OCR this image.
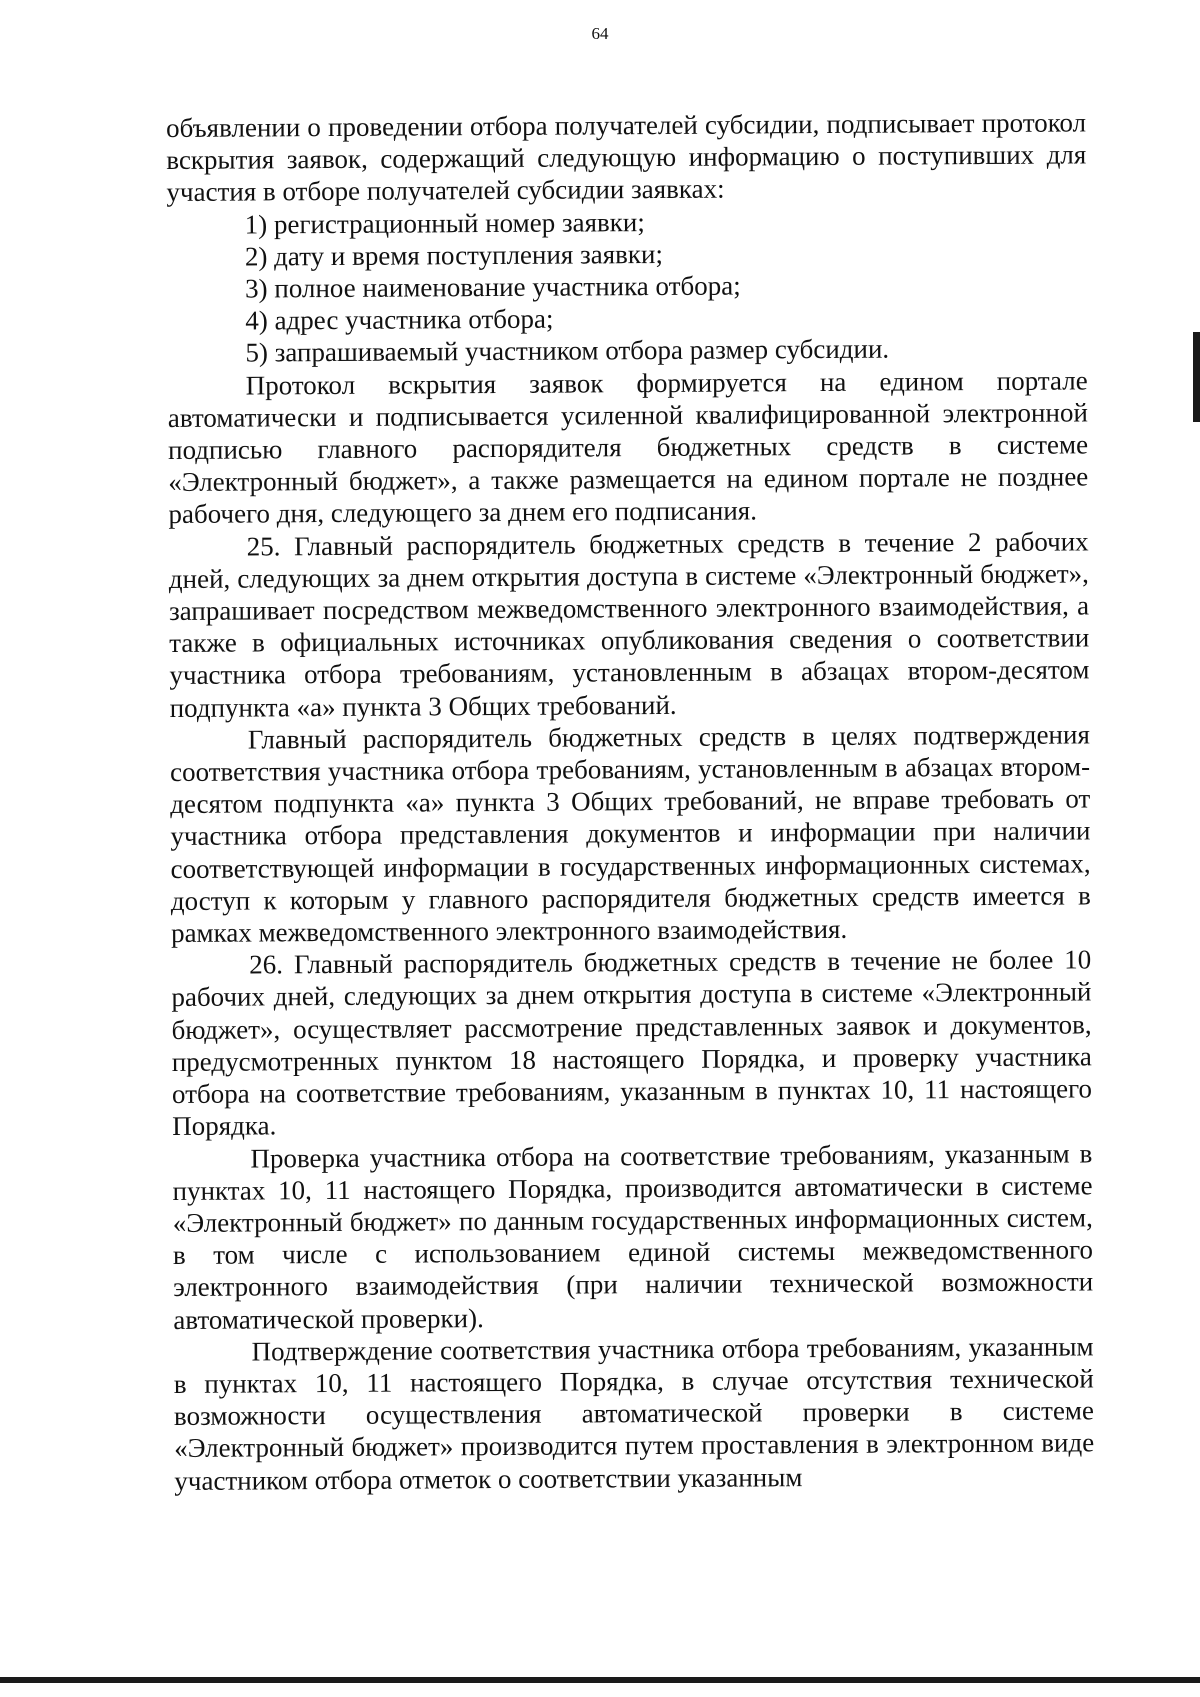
64

объявлении о проведении отбора получателей субсидии, подписывает протокол вскрытия заявок, содержащий следующую информацию о поступивших для участия в отборе получателей субсидии заявках:

1) регистрационный номер заявки;
2) дату и время поступления заявки;
3) полное наименование участника отбора;
4) адрес участника отбора;
5) запрашиваемый участником отбора размер субсидии.

Протокол вскрытия заявок формируется на едином портале автоматически и подписывается усиленной квалифицированной электронной подписью главного распорядителя бюджетных средств в системе «Электронный бюджет», а также размещается на едином портале не позднее рабочего дня, следующего за днем его подписания.

25. Главный распорядитель бюджетных средств в течение 2 рабочих дней, следующих за днем открытия доступа в системе «Электронный бюджет», запрашивает посредством межведомственного электронного взаимодействия, а также в официальных источниках опубликования сведения о соответствии участника отбора требованиям, установленным в абзацах втором-десятом подпункта «а» пункта 3 Общих требований.

Главный распорядитель бюджетных средств в целях подтверждения соответствия участника отбора требованиям, установленным в абзацах втором-десятом подпункта «а» пункта 3 Общих требований, не вправе требовать от участника отбора представления документов и информации при наличии соответствующей информации в государственных информационных системах, доступ к которым у главного распорядителя бюджетных средств имеется в рамках межведомственного электронного взаимодействия.

26. Главный распорядитель бюджетных средств в течение не более 10 рабочих дней, следующих за днем открытия доступа в системе «Электронный бюджет», осуществляет рассмотрение представленных заявок и документов, предусмотренных пунктом 18 настоящего Порядка, и проверку участника отбора на соответствие требованиям, указанным в пунктах 10, 11 настоящего Порядка.

Проверка участника отбора на соответствие требованиям, указанным в пунктах 10, 11 настоящего Порядка, производится автоматически в системе «Электронный бюджет» по данным государственных информационных систем, в том числе с использованием единой системы межведомственного электронного взаимодействия (при наличии технической возможности автоматической проверки).

Подтверждение соответствия участника отбора требованиям, указанным в пунктах 10, 11 настоящего Порядка, в случае отсутствия технической возможности осуществления автоматической проверки в системе «Электронный бюджет» производится путем проставления в электронном виде участником отбора отметок о соответствии указанным
